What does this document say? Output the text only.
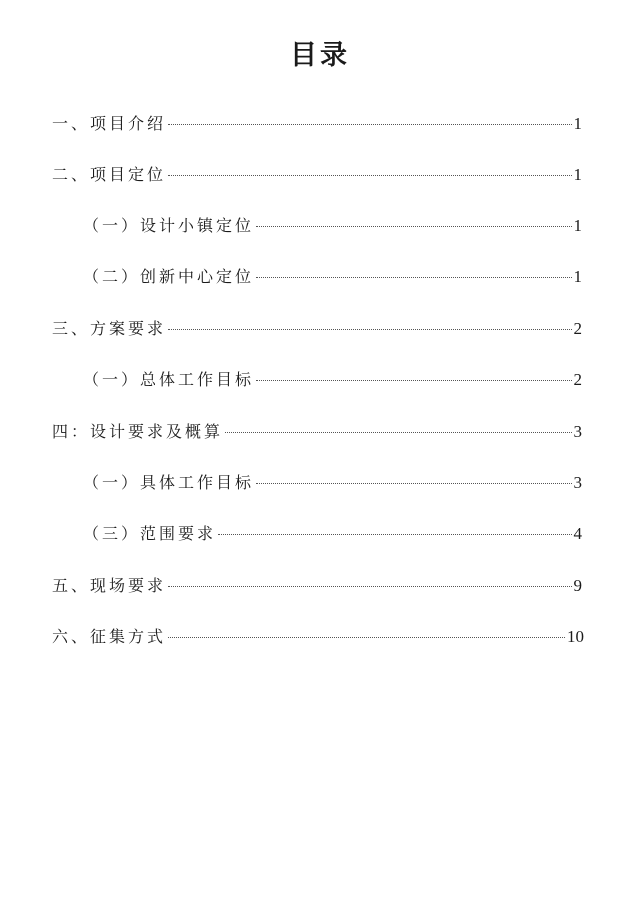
目录
一、项目介绍	1
二、项目定位	1
（一）设计小镇定位	1
（二）创新中心定位	1
三、方案要求	2
（一）总体工作目标	2
四：设计要求及概算	3
（一）具体工作目标	3
（三）范围要求	4
五、现场要求	9
六、征集方式	10
